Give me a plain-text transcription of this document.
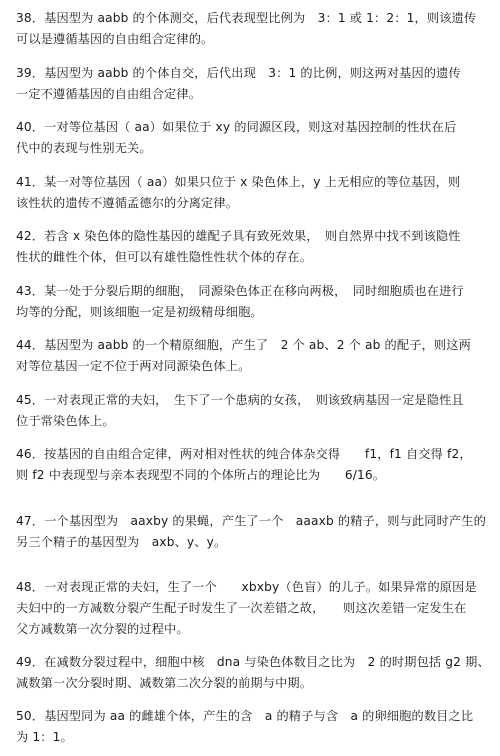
38．基因型为 aabb 的个体测交，后代表现型比例为　3：1 或 1：2：1，则该遗传
可以是遵循基因的自由组合定律的。

39．基因型为 aabb 的个体自交，后代出现　3：1 的比例，则这两对基因的遗传
一定不遵循基因的自由组合定律。

40．一对等位基因（ aa）如果位于 xy 的同源区段，则这对基因控制的性状在后
代中的表现与性别无关。

41．某一对等位基因（ aa）如果只位于 x 染色体上，y 上无相应的等位基因，则
该性状的遗传不遵循孟德尔的分离定律。

42．若含 x 染色体的隐性基因的雄配子具有致死效果，　则自然界中找不到该隐性
性状的雌性个体，但可以有雄性隐性性状个体的存在。

43．某一处于分裂后期的细胞，　同源染色体正在移向两极，　同时细胞质也在进行
均等的分配，则该细胞一定是初级精母细胞。

44．基因型为 aabb 的一个精原细胞，产生了　2 个 ab、2 个 ab 的配子，则这两
对等位基因一定不位于两对同源染色体上。

45．一对表现正常的夫妇，　生下了一个患病的女孩，　则该致病基因一定是隐性且
位于常染色体上。

46．按基因的自由组合定律，两对相对性状的纯合体杂交得　　f1，f1 自交得 f2，
则 f2 中表现型与亲本表现型不同的个体所占的理论比为　　6/16。

47．一个基因型为　aaxby 的果蝇，产生了一个　aaaxb 的精子，则与此同时产生的
另三个精子的基因型为　axb、y、y。

48．一对表现正常的夫妇，生了一个　　xbxby（色盲）的儿子。如果异常的原因是
夫妇中的一方减数分裂产生配子时发生了一次差错之故，　　则这次差错一定发生在
父方减数第一次分裂的过程中。

49．在减数分裂过程中，细胞中核　dna 与染色体数目之比为　2 的时期包括 g2 期、
减数第一次分裂时期、减数第二次分裂的前期与中期。

50．基因型同为 aa 的雌雄个体，产生的含　a 的精子与含　a 的卵细胞的数目之比
为 1：1。
